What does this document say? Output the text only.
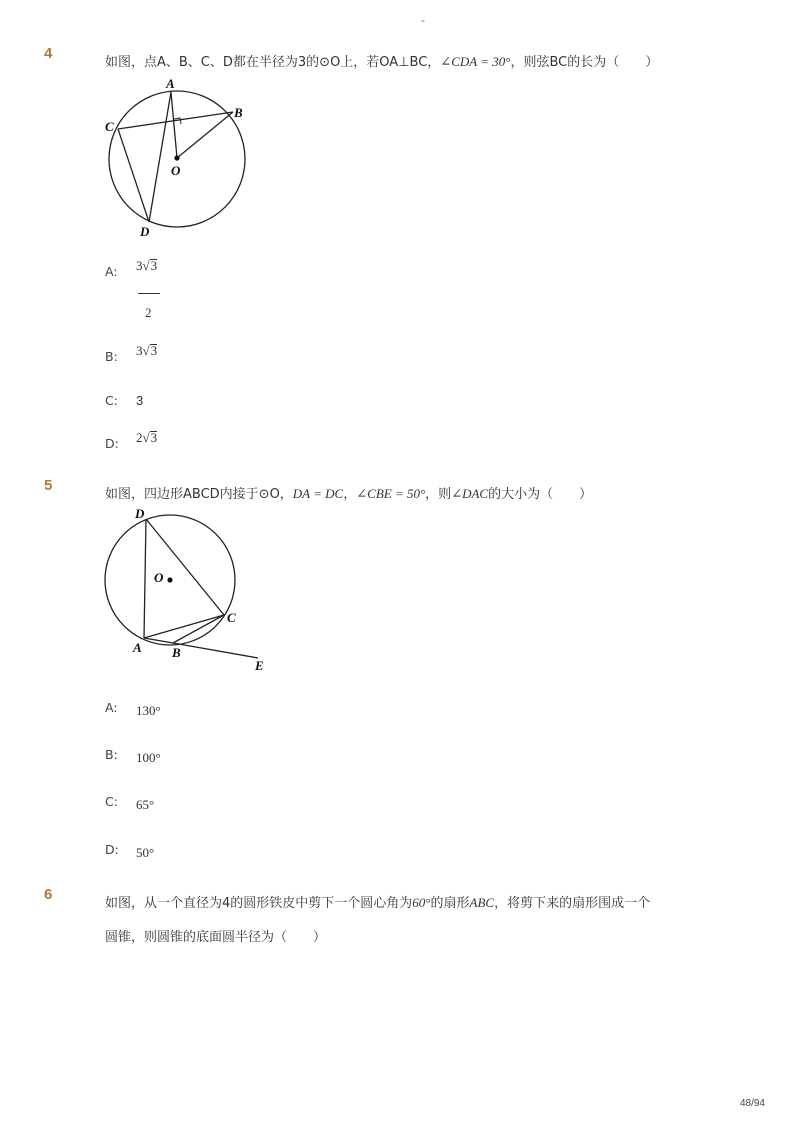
-
4
如图，点A、B、C、D都在半径为3的⊙O上，若OA⊥BC，∠CDA = 30°，则弦BC的长为（　　）
A
B
C
O
D
A: 3√3
2
B: 3√3
C: 3
D: 2√3
5
如图，四边形ABCD内接于⊙O，DA = DC，∠CBE = 50°，则∠DAC的大小为（　　）
D
O
C
A B
E
A: 130°
B: 100°
C: 65°
D: 50°
6
如图，从一个直径为4的圆形铁皮中剪下一个圆心角为60°的扇形ABC，将剪下来的扇形围成一个
圆锥，则圆锥的底面圆半径为（　　）
48/94
